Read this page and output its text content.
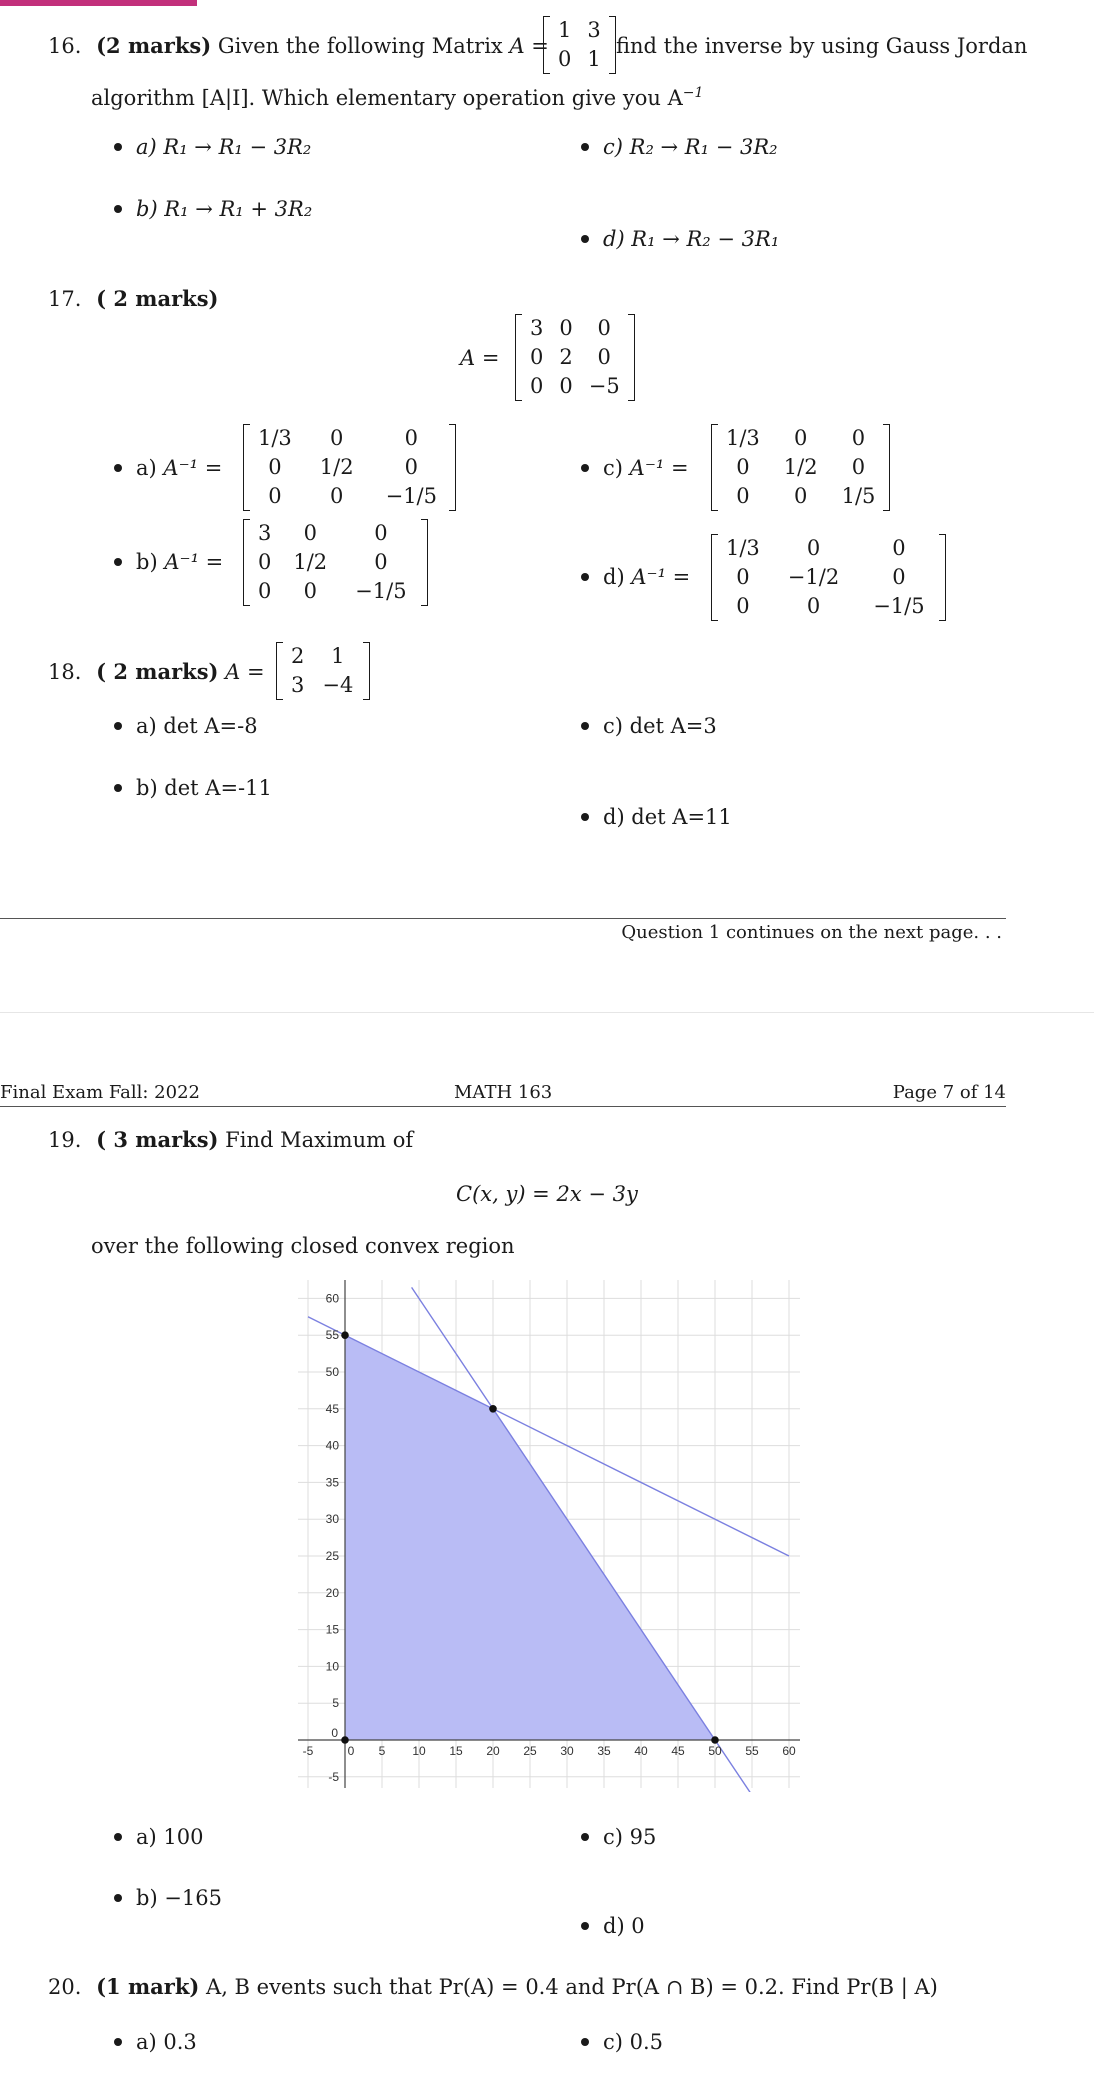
16. (2 marks) Given the following Matrix A =
1	3
0	1
find the inverse by using Gauss Jordan
algorithm [A|I]. Which elementary operation give you $A^{-1}$
a) R₁ → R₁ − 3R₂
b) R₁ → R₁ + 3R₂
c) R₂ → R₁ − 3R₂
d) R₁ → R₂ − 3R₁
17. ( 2 marks)
A =
3	0	0
0	2	0
0	0	−5
a) A⁻¹ =
1/3	0	0
0	1/2	0
0	0	−1/5
b) A⁻¹ =
3	0	0
0	1/2	0
0	0	−1/5
c) A⁻¹ =
1/3	0	0
0	1/2	0
0	0	1/5
d) A⁻¹ =
1/3	0	0
0	−1/2	0
0	0	−1/5
18. ( 2 marks) A =
2	1
3	−4
a) det A=-8
b) det A=-11
c) det A=3
d) det A=11
Question 1 continues on the next page. . .
Final Exam Fall: 2022	MATH 163	Page 7 of 14
19. ( 3 marks) Find Maximum of
C(x, y) = 2x − 3y
over the following closed convex region
-5	0 5 10 15 20 25 30 35 40 45 50 55 60
-5
0
5
10
15
20
25
30
35
40
45
50
55
60
a) 100
b) −165
c) 95
d) 0
20. (1 mark) A, B events such that Pr(A) = 0.4 and Pr(A ∩ B) = 0.2. Find Pr(B | A)
a) 0.3	c) 0.5
